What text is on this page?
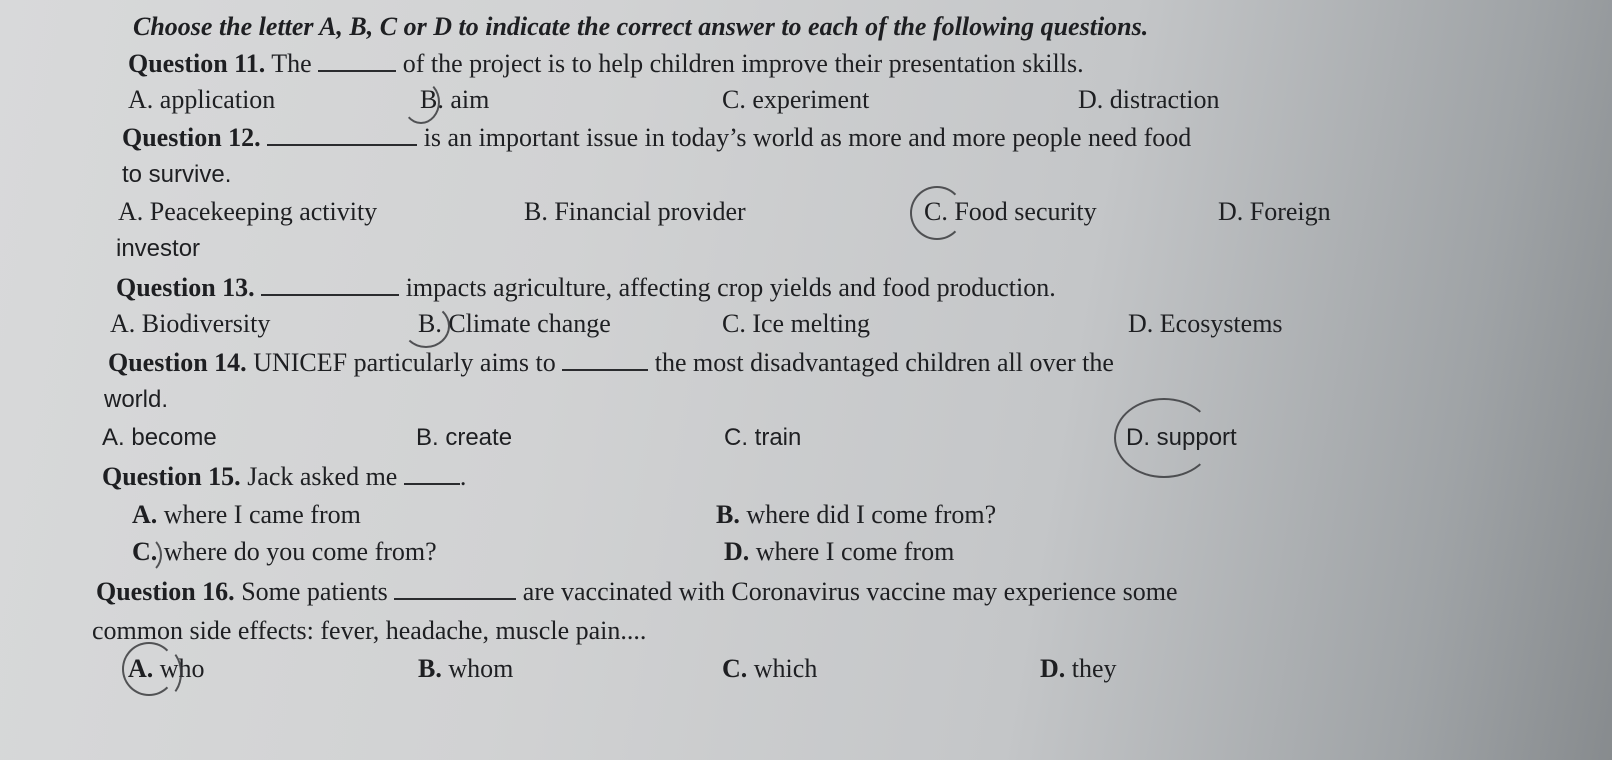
Choose the letter A, B, C or D to indicate the correct answer to each of the following questions.
Question 11. The	of the project is to help children improve their presentation skills.
A. application	B. aim	C. experiment	D. distraction
Question 12.	is an important issue in today’s world as more and more people need food
to survive.
A. Peacekeeping activity	B. Financial provider	C. Food security	D. Foreign
investor
Question 13.	impacts agriculture, affecting crop yields and food production.
A. Biodiversity	B. Climate change	C. Ice melting	D. Ecosystems
Question 14. UNICEF particularly aims to	the most disadvantaged children all over the
world.
A. become	B. create	C. train	D. support
Question 15. Jack asked me .
A. where I came from	B. where did I come from?
C. where do you come from?	D. where I come from
Question 16. Some patients	are vaccinated with Coronavirus vaccine may experience some
common side effects: fever, headache, muscle pain....
A. who	B. whom	C. which	D. they
